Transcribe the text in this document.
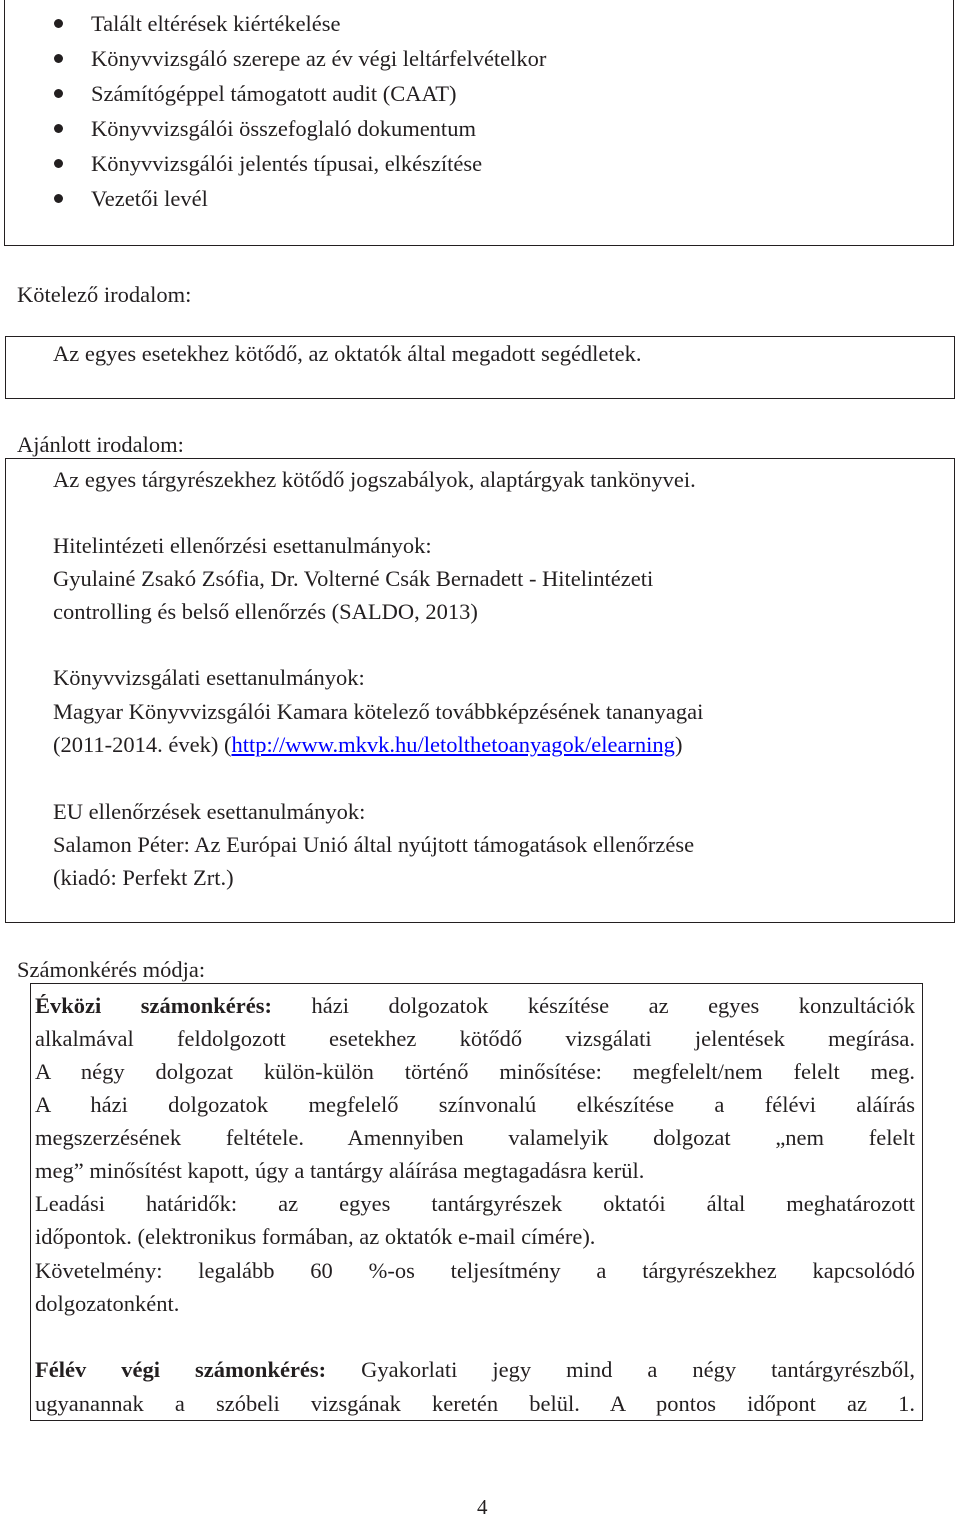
Talált eltérések kiértékelése
Könyvvizsgáló szerepe az év végi leltárfelvételkor
Számítógéppel támogatott audit (CAAT)
Könyvvizsgálói összefoglaló dokumentum
Könyvvizsgálói jelentés típusai, elkészítése
Vezetői levél
Kötelező irodalom:
Az egyes esetekhez kötődő, az oktatók által megadott segédletek.
Ajánlott irodalom:
Az egyes tárgyrészekhez kötődő jogszabályok, alaptárgyak tankönyvei.
Hitelintézeti ellenőrzési esettanulmányok:
Gyulainé Zsakó Zsófia, Dr. Volterné Csák Bernadett - Hitelintézeti
controlling és belső ellenőrzés (SALDO, 2013)
Könyvvizsgálati esettanulmányok:
Magyar Könyvvizsgálói Kamara kötelező továbbképzésének tananyagai
(2011-2014. évek) (http://www.mkvk.hu/letolthetoanyagok/elearning)
EU ellenőrzések esettanulmányok:
Salamon Péter: Az Európai Unió által nyújtott támogatások ellenőrzése
(kiadó: Perfekt Zrt.)
Számonkérés módja:
Évközi számonkérés: házi dolgozatok készítése az egyes konzultációk
alkalmával feldolgozott esetekhez kötődő vizsgálati jelentések megírása.
A négy dolgozat külön-külön történő minősítése: megfelelt/nem felelt meg.
A házi dolgozatok megfelelő színvonalú elkészítése a félévi aláírás
megszerzésének feltétele. Amennyiben valamelyik dolgozat „nem felelt
meg” minősítést kapott, úgy a tantárgy aláírása megtagadásra kerül.
Leadási határidők: az egyes tantárgyrészek oktatói által meghatározott
időpontok. (elektronikus formában, az oktatók e-mail címére).
Követelmény: legalább 60 %-os teljesítmény a tárgyrészekhez kapcsolódó
dolgozatonként.
Félév végi számonkérés: Gyakorlati jegy mind a négy tantárgyrészből,
ugyanannak a szóbeli vizsgának keretén belül. A pontos időpont az 1.
4
